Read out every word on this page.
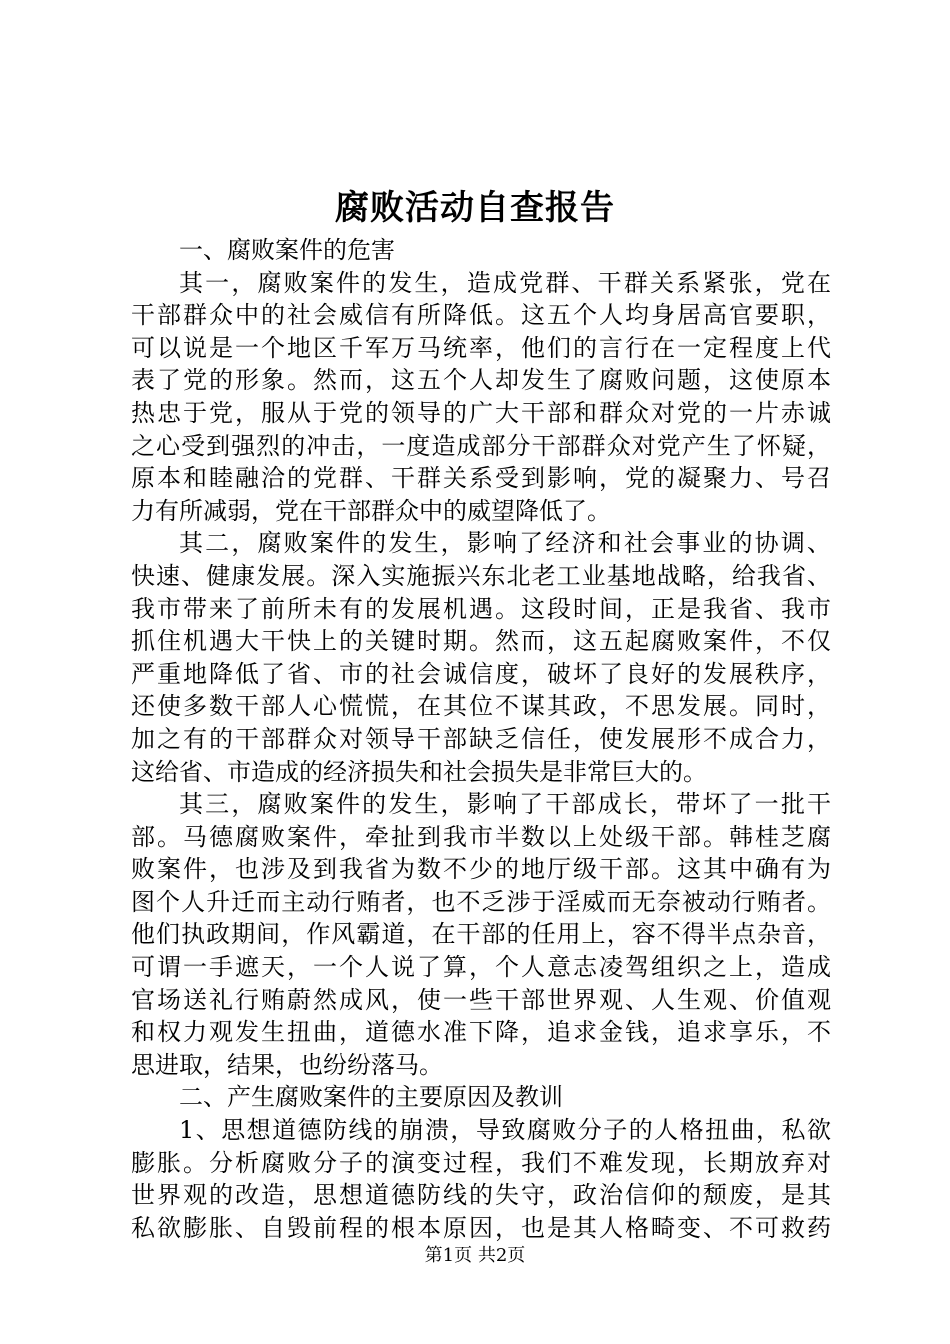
腐败活动自查报告
一、腐败案件的危害
其一，腐败案件的发生，造成党群、干群关系紧张，党在
干部群众中的社会威信有所降低。这五个人均身居高官要职，
可以说是一个地区千军万马统率，他们的言行在一定程度上代
表了党的形象。然而，这五个人却发生了腐败问题，这使原本
热忠于党，服从于党的领导的广大干部和群众对党的一片赤诚
之心受到强烈的冲击，一度造成部分干部群众对党产生了怀疑，
原本和睦融洽的党群、干群关系受到影响，党的凝聚力、号召
力有所减弱，党在干部群众中的威望降低了。
其二，腐败案件的发生，影响了经济和社会事业的协调、
快速、健康发展。深入实施振兴东北老工业基地战略，给我省、
我市带来了前所未有的发展机遇。这段时间，正是我省、我市
抓住机遇大干快上的关键时期。然而，这五起腐败案件，不仅
严重地降低了省、市的社会诚信度，破坏了良好的发展秩序，
还使多数干部人心慌慌，在其位不谋其政，不思发展。同时，
加之有的干部群众对领导干部缺乏信任，使发展形不成合力，
这给省、市造成的经济损失和社会损失是非常巨大的。
其三，腐败案件的发生，影响了干部成长，带坏了一批干
部。马德腐败案件，牵扯到我市半数以上处级干部。韩桂芝腐
败案件，也涉及到我省为数不少的地厅级干部。这其中确有为
图个人升迁而主动行贿者，也不乏涉于淫威而无奈被动行贿者。
他们执政期间，作风霸道，在干部的任用上，容不得半点杂音，
可谓一手遮天，一个人说了算，个人意志凌驾组织之上，造成
官场送礼行贿蔚然成风，使一些干部世界观、人生观、价值观
和权力观发生扭曲，道德水准下降，追求金钱，追求享乐，不
思进取，结果，也纷纷落马。
二、产生腐败案件的主要原因及教训
1、思想道德防线的崩溃，导致腐败分子的人格扭曲，私欲
膨胀。分析腐败分子的演变过程，我们不难发现，长期放弃对
世界观的改造，思想道德防线的失守，政治信仰的颓废，是其
私欲膨胀、自毁前程的根本原因，也是其人格畸变、不可救药
第1页 共2页
